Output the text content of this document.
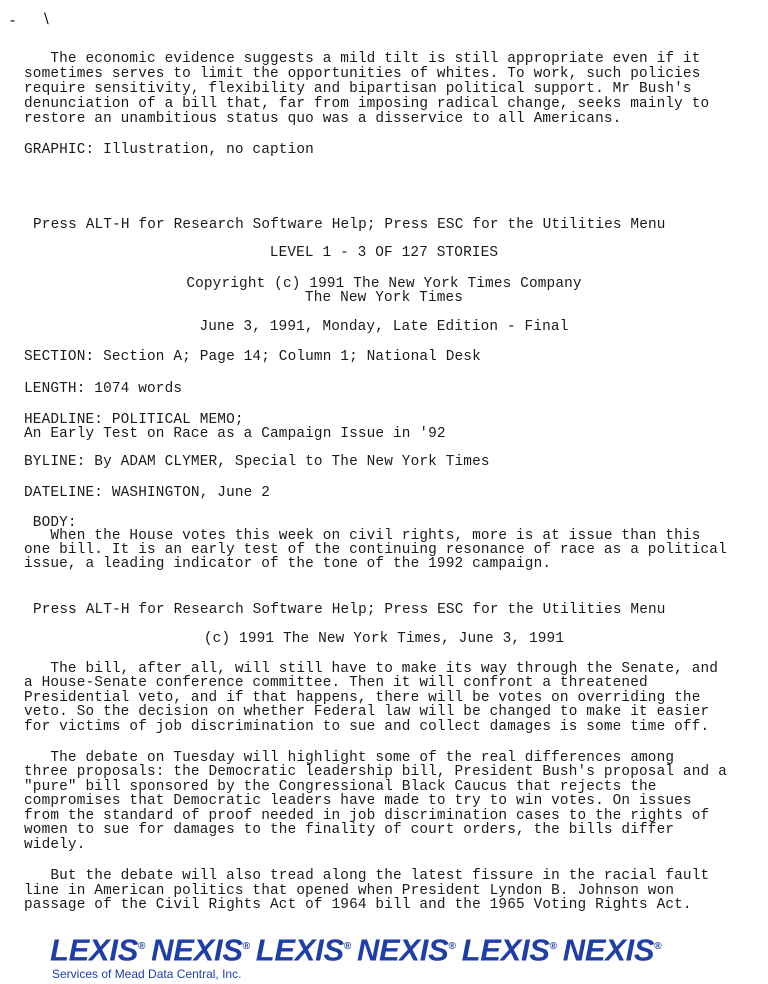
- \
The economic evidence suggests a mild tilt is still appropriate even if it
sometimes serves to limit the opportunities of whites. To work, such policies
require sensitivity, flexibility and bipartisan political support. Mr Bush's
denunciation of a bill that, far from imposing radical change, seeks mainly to
restore an unambitious status quo was a disservice to all Americans.
GRAPHIC: Illustration, no caption
Press ALT-H for Research Software Help; Press ESC for the Utilities Menu
LEVEL 1 - 3 OF 127 STORIES
Copyright (c) 1991 The New York Times Company
The New York Times
June 3, 1991, Monday, Late Edition - Final
SECTION: Section A; Page 14; Column 1; National Desk
LENGTH: 1074 words
HEADLINE: POLITICAL MEMO;
An Early Test on Race as a Campaign Issue in '92
BYLINE: By ADAM CLYMER, Special to The New York Times
DATELINE: WASHINGTON, June 2
BODY:
When the House votes this week on civil rights, more is at issue than this
one bill. It is an early test of the continuing resonance of race as a political
issue, a leading indicator of the tone of the 1992 campaign.
Press ALT-H for Research Software Help; Press ESC for the Utilities Menu
(c) 1991 The New York Times, June 3, 1991
The bill, after all, will still have to make its way through the Senate, and
a House-Senate conference committee. Then it will confront a threatened
Presidential veto, and if that happens, there will be votes on overriding the
veto. So the decision on whether Federal law will be changed to make it easier
for victims of job discrimination to sue and collect damages is some time off.
The debate on Tuesday will highlight some of the real differences among
three proposals: the Democratic leadership bill, President Bush's proposal and a
"pure" bill sponsored by the Congressional Black Caucus that rejects the
compromises that Democratic leaders have made to try to win votes. On issues
from the standard of proof needed in job discrimination cases to the rights of
women to sue for damages to the finality of court orders, the bills differ
widely.
But the debate will also tread along the latest fissure in the racial fault
line in American politics that opened when President Lyndon B. Johnson won
passage of the Civil Rights Act of 1964 bill and the 1965 Voting Rights Act.
LEXIS® NEXIS® LEXIS® NEXIS® LEXIS® NEXIS®
Services of Mead Data Central, Inc.
